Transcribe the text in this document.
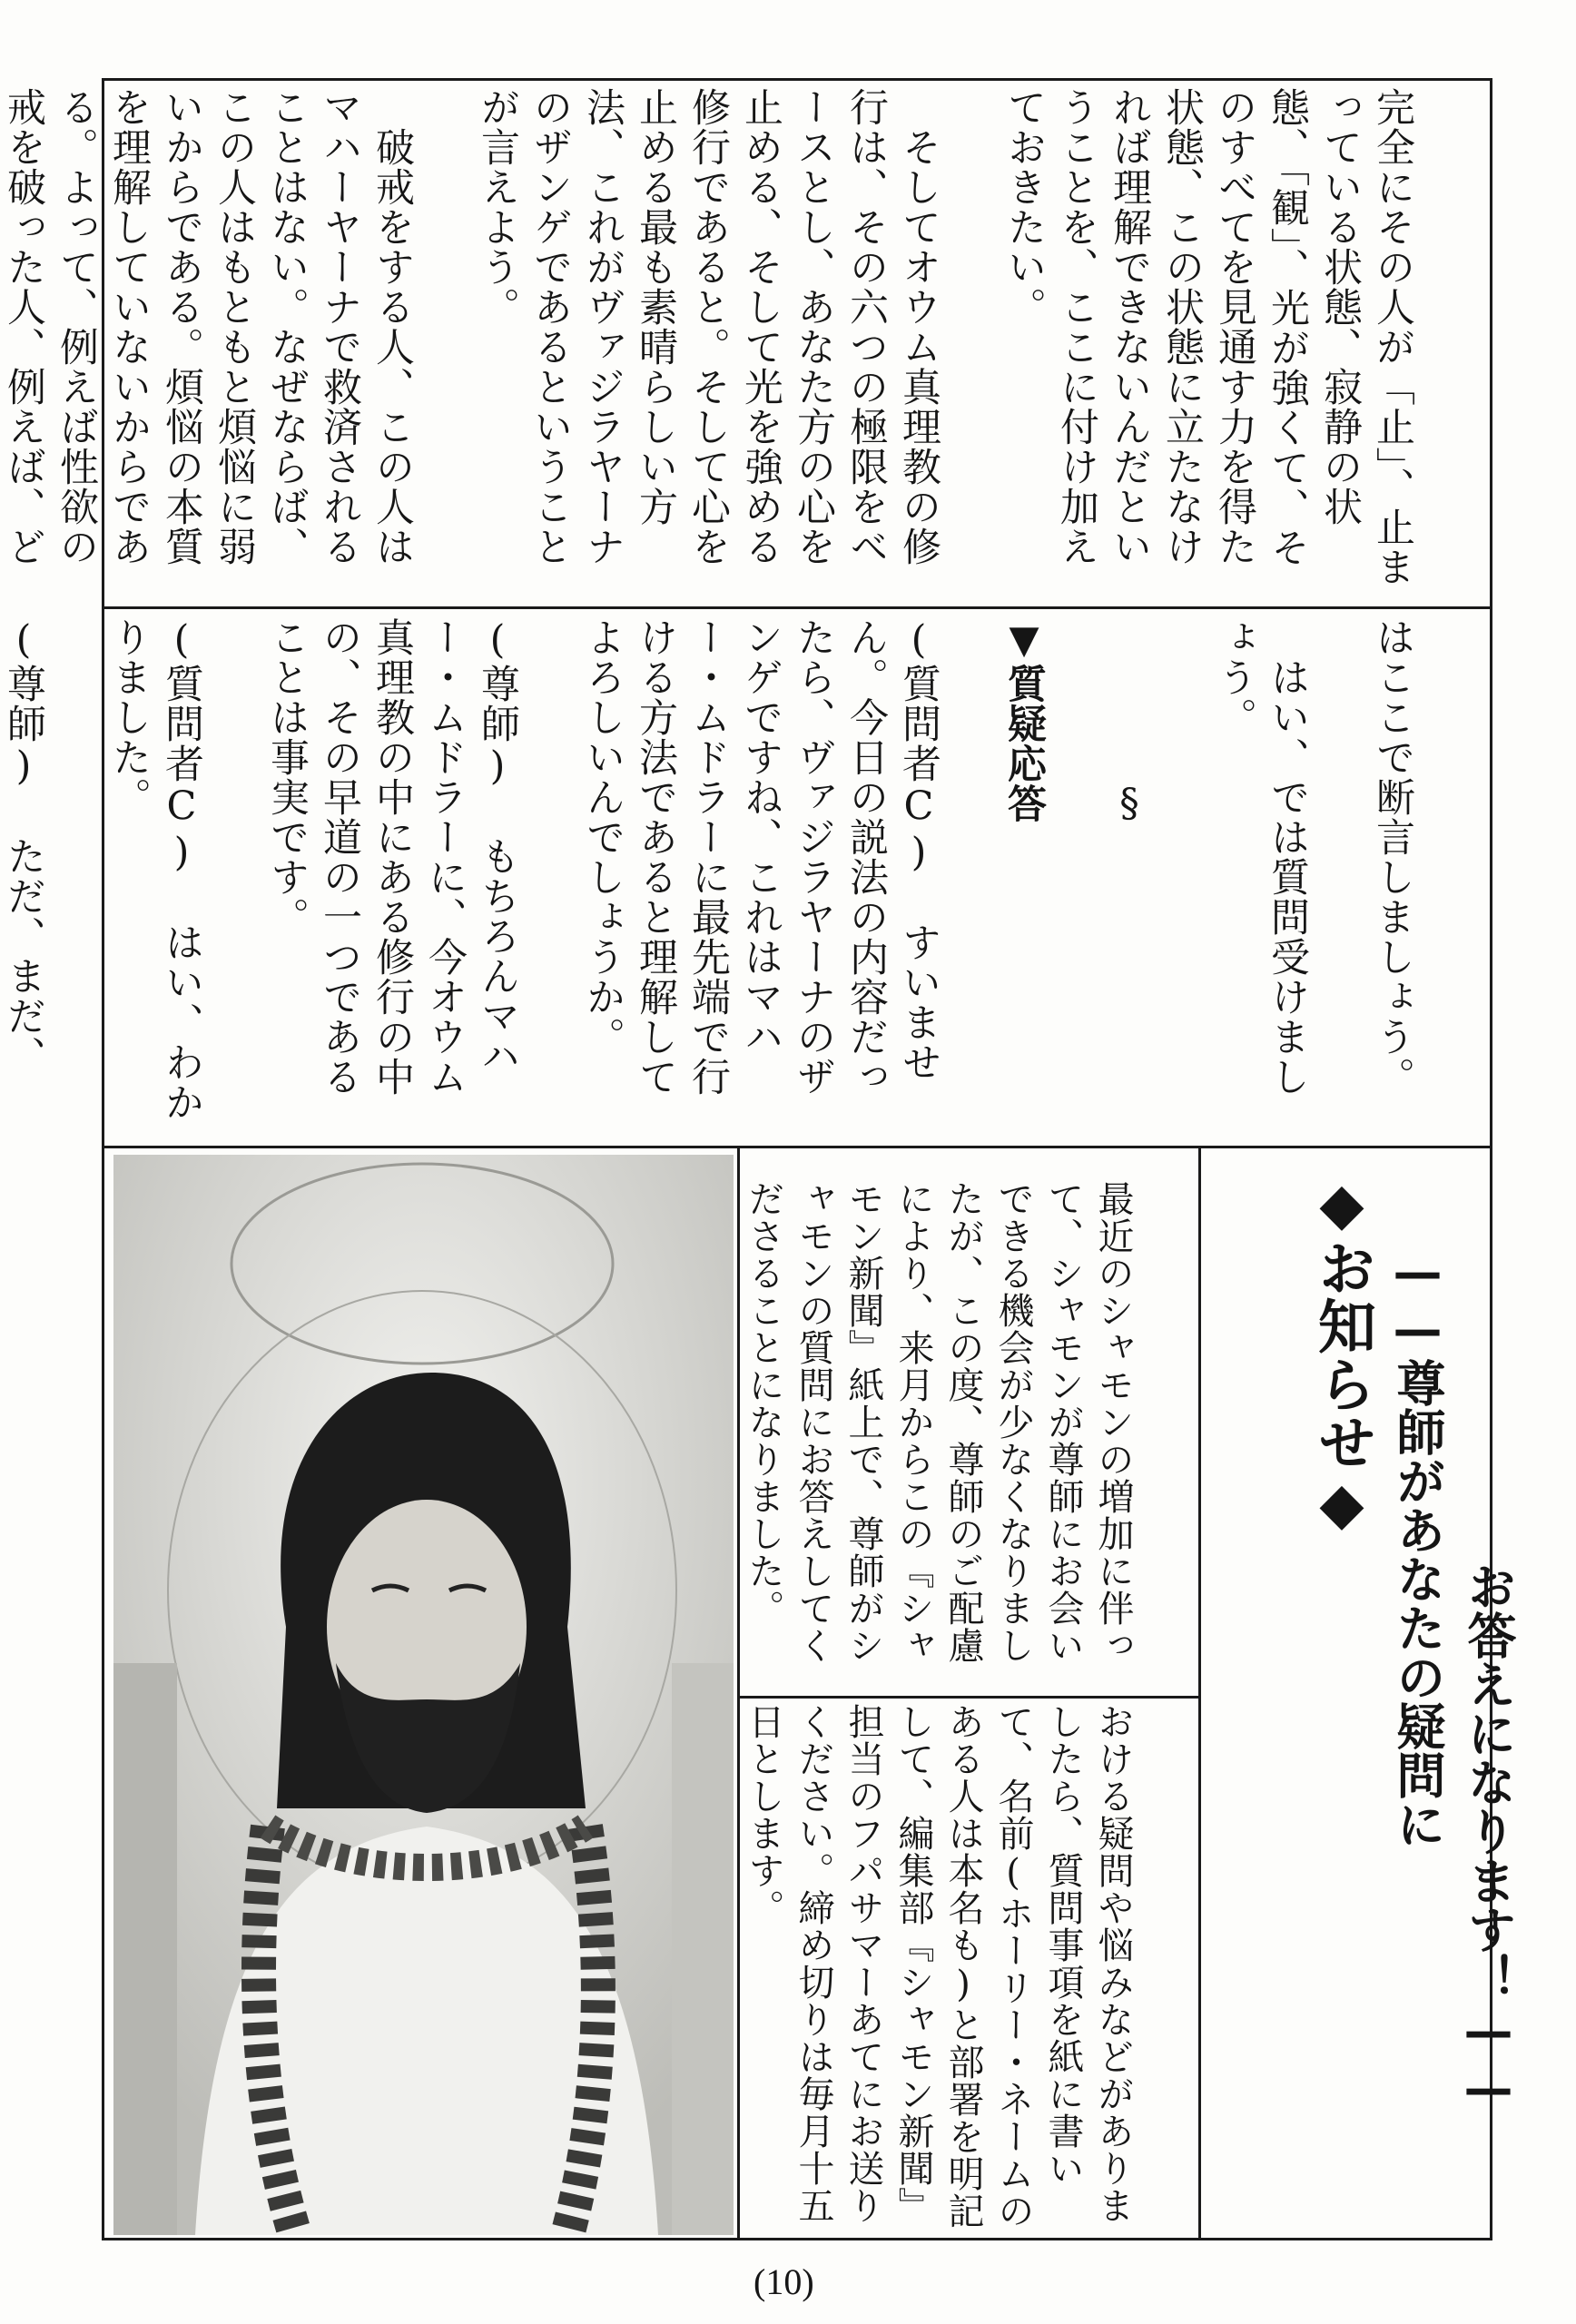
完全にその人が「止」、止まっている状態、寂静の状態、「観」、光が強くて、そのすべてを見通す力を得た状態、この状態に立たなければ理解できないんだということを、ここに付け加えておきたい。

　そしてオウム真理教の修行は、その六つの極限をベースとし、あなた方の心を止める、そして光を強める修行であると。そして心を止める最も素晴らしい方法、これがヴァジラヤーナのザンゲであるということが言えよう。

　破戒をする人、この人はマハーヤーナで救済されることはない。なぜならば、この人はもともと煩悩に弱いからである。煩悩の本質を理解していないからである。よって、例えば性欲の戒を破った人、例えば、ど

はここで断言しましょう。

　はい、では質問受けましょう。

§

▼質疑応答

(質問者C) すいません。今日の説法の内容だったら、ヴァジラヤーナのザンゲですね、これはマハー・ムドラーに最先端で行ける方法であると理解してよろしいんでしょうか。

(尊師) もちろんマハー・ムドラーに、今オウム真理教の中にある修行の中の、その早道の一つであることは事実です。

(質問者C) はい、わかりました。

(尊師) ただ、まだ、

◆お知らせ◆ ——尊師があなたの疑問に お答えになります！——

最近のシャモンの増加に伴って、シャモンが尊師にお会いできる機会が少なくなりましたが、この度、尊師のご配慮により、来月からこの『シャモン新聞』紙上で、尊師がシャモンの質問にお答えしてくださることになりました。

おける疑問や悩みなどがありましたら、質問事項を紙に書いて、名前(ホーリー・ネームのある人は本名も)と部署を明記して、編集部『シャモン新聞』担当のフパサマーあてにお送りください。締め切りは毎月十五日とします。

(10)
